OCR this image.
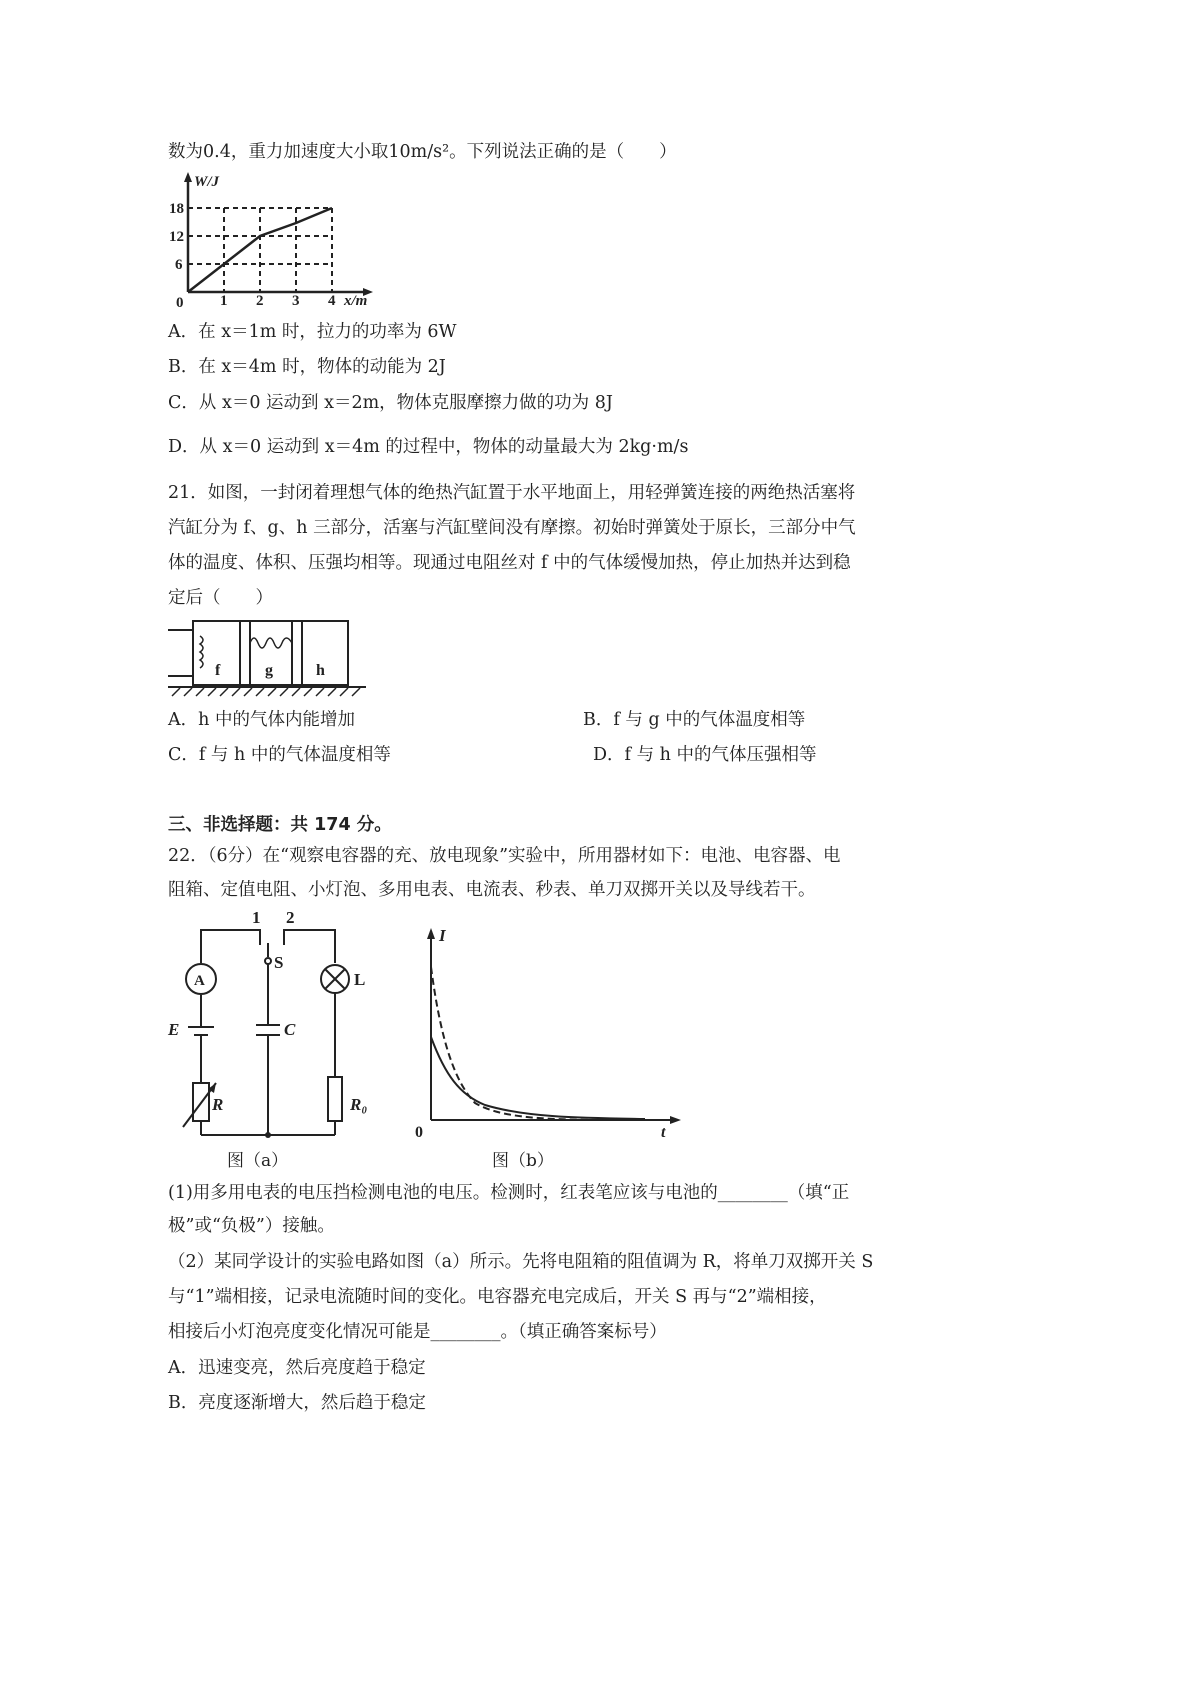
数为0.4，重力加速度大小取10m/s²。下列说法正确的是（　　）
W/J
18
12
6
0 1 2 3 4 x/m
A．在 x＝1m 时，拉力的功率为 6W
B．在 x＝4m 时，物体的动能为 2J
C．从 x＝0 运动到 x＝2m，物体克服摩擦力做的功为 8J
D．从 x＝0 运动到 x＝4m 的过程中，物体的动量最大为 2kg·m/s
21．如图，一封闭着理想气体的绝热汽缸置于水平地面上，用轻弹簧连接的两绝热活塞将
汽缸分为 f、g、h 三部分，活塞与汽缸壁间没有摩擦。初始时弹簧处于原长，三部分中气
体的温度、体积、压强均相等。现通过电阻丝对 f 中的气体缓慢加热，停止加热并达到稳
定后（　　）
f	g	h
A．h 中的气体内能增加	B．f 与 g 中的气体温度相等
C．f 与 h 中的气体温度相等	D．f 与 h 中的气体压强相等
三、非选择题：共 174 分。
22．（6分）在“观察电容器的充、放电现象”实验中，所用器材如下：电池、电容器、电
阻箱、定值电阻、小灯泡、多用电表、电流表、秒表、单刀双掷开关以及导线若干。
1 2
S
A	L
E	C
R	R₀
I
0	t
图（a）	图（b）
(1)用多用电表的电压挡检测电池的电压。检测时，红表笔应该与电池的________（填“正
极”或“负极”）接触。
（2）某同学设计的实验电路如图（a）所示。先将电阻箱的阻值调为 R，将单刀双掷开关 S
与“1”端相接，记录电流随时间的变化。电容器充电完成后，开关 S 再与“2”端相接，
相接后小灯泡亮度变化情况可能是________。（填正确答案标号）
A．迅速变亮，然后亮度趋于稳定
B．亮度逐渐增大，然后趋于稳定
